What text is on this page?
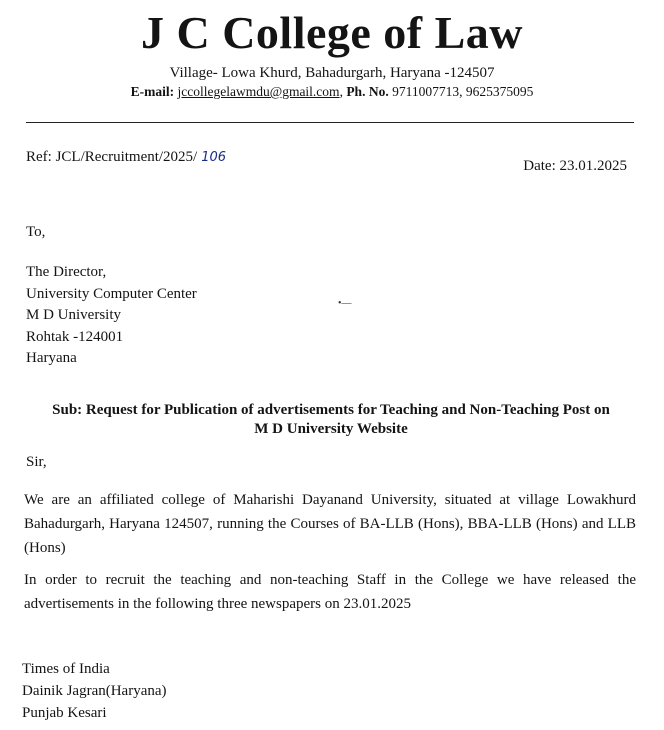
J C College of Law
Village- Lowa Khurd, Bahadurgarh, Haryana -124507
E-mail: jccollegelawmdu@gmail.com, Ph. No. 9711007713, 9625375095
Ref: JCL/Recruitment/2025/ 106
Date: 23.01.2025
To,
The Director,
University Computer Center
M D University
Rohtak -124001
Haryana
•—
Sub: Request for Publication of advertisements for Teaching and Non-Teaching Post on
M D University Website
Sir,

We are an affiliated college of Maharishi Dayanand University, situated at village Lowakhurd Bahadurgarh, Haryana 124507, running the Courses of BA-LLB (Hons), BBA-LLB (Hons) and LLB (Hons)

In order to recruit the teaching and non-teaching Staff in the College we have released the advertisements in the following three newspapers on 23.01.2025

Times of India
Dainik Jagran(Haryana)
Punjab Kesari
